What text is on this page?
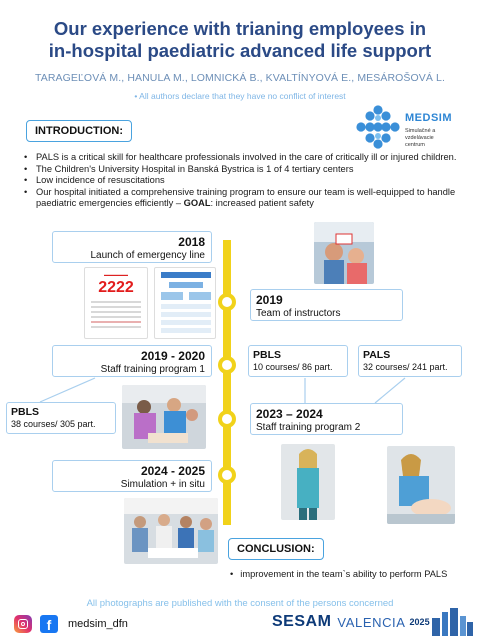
Our experience with trianing employees in
in-hospital paediatric advanced life support
TARAGEĽOVÁ M., HANULA M., LOMNICKÁ B., KVALTÍNYOVÁ E., MESÁROŠOVÁ L.
• All authors declare that they have no conflict of interest
MEDSIM
Simulačné a vzdelávacie centrum
INTRODUCTION:
• PALS is a critical skill for healthcare professionals involved in the care of critically ill or injured children.
• The Children's University Hospital in Banská Bystrica is 1 of 4 tertiary centers
• Low incidence of resuscitations
• Our hospital initiated a comprehensive training program to ensure our team is well-equipped to handle paediatric emergencies efficiently – GOAL: increased patient safety
2018
Launch of emergency line
2019
Team of instructors
2019 - 2020
Staff training program 1
2023 – 2024
Staff training program 2
2024 - 2025
Simulation + in situ
PBLS
38 courses/ 305 part.
PBLS
10 courses/ 86 part.
PALS
32 courses/ 241 part.
▬▬▬▬▬▬
2222
CONCLUSION:
• improvement in the team`s ability to perform PALS
All photographs are published with the consent of the persons concerned
f	medsim_dfn	SESAM VALENCIA 2025
